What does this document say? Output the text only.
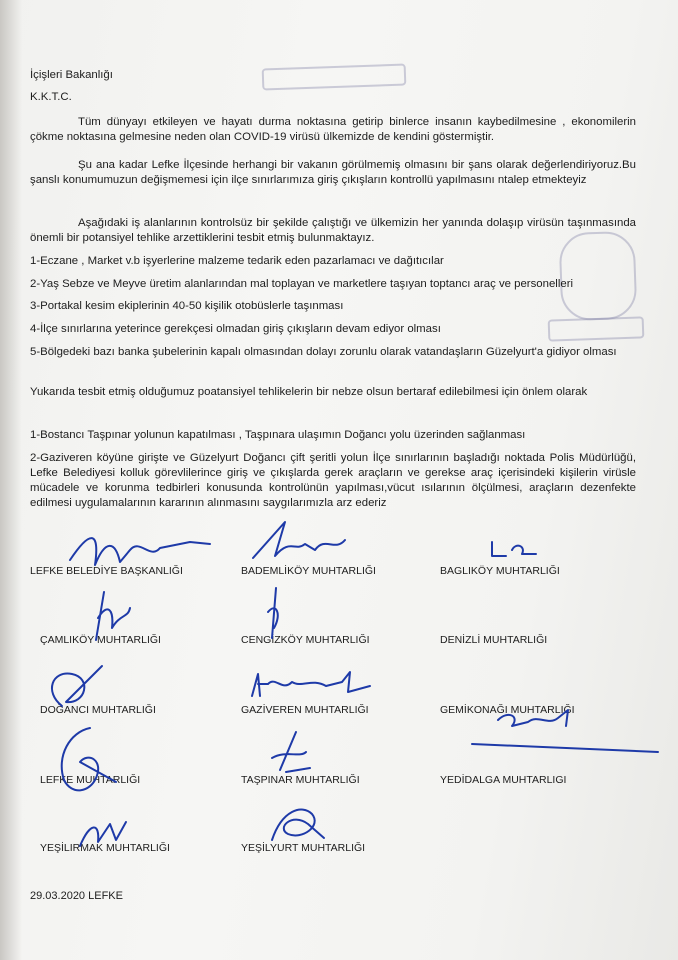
İçişleri Bakanlığı

K.K.T.C.

Tüm dünyayı etkileyen ve hayatı durma noktasına getirip binlerce insanın kaybedilmesine , ekonomilerin çökme noktasına gelmesine neden olan COVID-19 virüsü ülkemizde de kendini göstermiştir.

Şu ana kadar Lefke İlçesinde herhangi bir vakanın görülmemiş olmasını bir şans olarak değerlendiriyoruz.Bu şanslı konumumuzun değişmemesi için ilçe sınırlarımıza giriş çıkışların kontrollü yapılmasını ntalep etmekteyiz

Aşağıdaki iş alanlarının kontrolsüz bir şekilde çalıştığı ve ülkemizin her yanında dolaşıp virüsün taşınmasında önemli bir potansiyel tehlike arzettiklerini tesbit etmiş bulunmaktayız.

1-Eczane , Market v.b işyerlerine malzeme tedarik eden pazarlamacı ve dağıtıcılar

2-Yaş Sebze ve Meyve üretim alanlarından mal toplayan ve marketlere taşıyan toptancı araç ve personelleri

3-Portakal kesim ekiplerinin 40-50 kişilik otobüslerle taşınması

4-İlçe sınırlarına yeterince gerekçesi olmadan giriş çıkışların devam ediyor olması

5-Bölgedeki bazı banka şubelerinin kapalı olmasından dolayı zorunlu olarak vatandaşların Güzelyurt'a gidiyor olması

Yukarıda tesbit etmiş olduğumuz poatansiyel tehlikelerin bir nebze olsun bertaraf edilebilmesi için önlem olarak

1-Bostancı Taşpınar yolunun kapatılması , Taşpınara ulaşımın Doğancı yolu üzerinden sağlanması

2-Gaziveren köyüne girişte ve Güzelyurt Doğancı çift şeritli yolun İlçe sınırlarının başladığı noktada Polis Müdürlüğü, Lefke Belediyesi kolluk görevlilerince giriş ve çıkışlarda gerek araçların ve gerekse araç içerisindeki kişilerin virüsle mücadele ve korunma tedbirleri konusunda kontrolünün yapılması,vücut ısılarının ölçülmesi, araçların dezenfekte edilmesi uygulamalarının kararının alınmasını saygılarımızla arz ederiz

LEFKE BELEDİYE BAŞKANLIĞI	BADEMLİKÖY MUHTARLIĞI	BAGLIKÖY MUHTARLIĞI
ÇAMLIKÖY MUHTARLIĞI	CENGİZKÖY MUHTARLIĞI	DENİZLİ MUHTARLIĞI
DOĞANCI MUHTARLIĞI	GAZİVEREN MUHTARLIĞI	GEMİKONAĞI MUHTARLIĞI
LEFKE MUHTARLIĞI	TAŞPINAR MUHTARLIĞI	YEDİDALGA MUHTARLIGI
YEŞİLIRMAK MUHTARLIĞI	YEŞİLYURT MUHTARLIĞI
29.03.2020 LEFKE
